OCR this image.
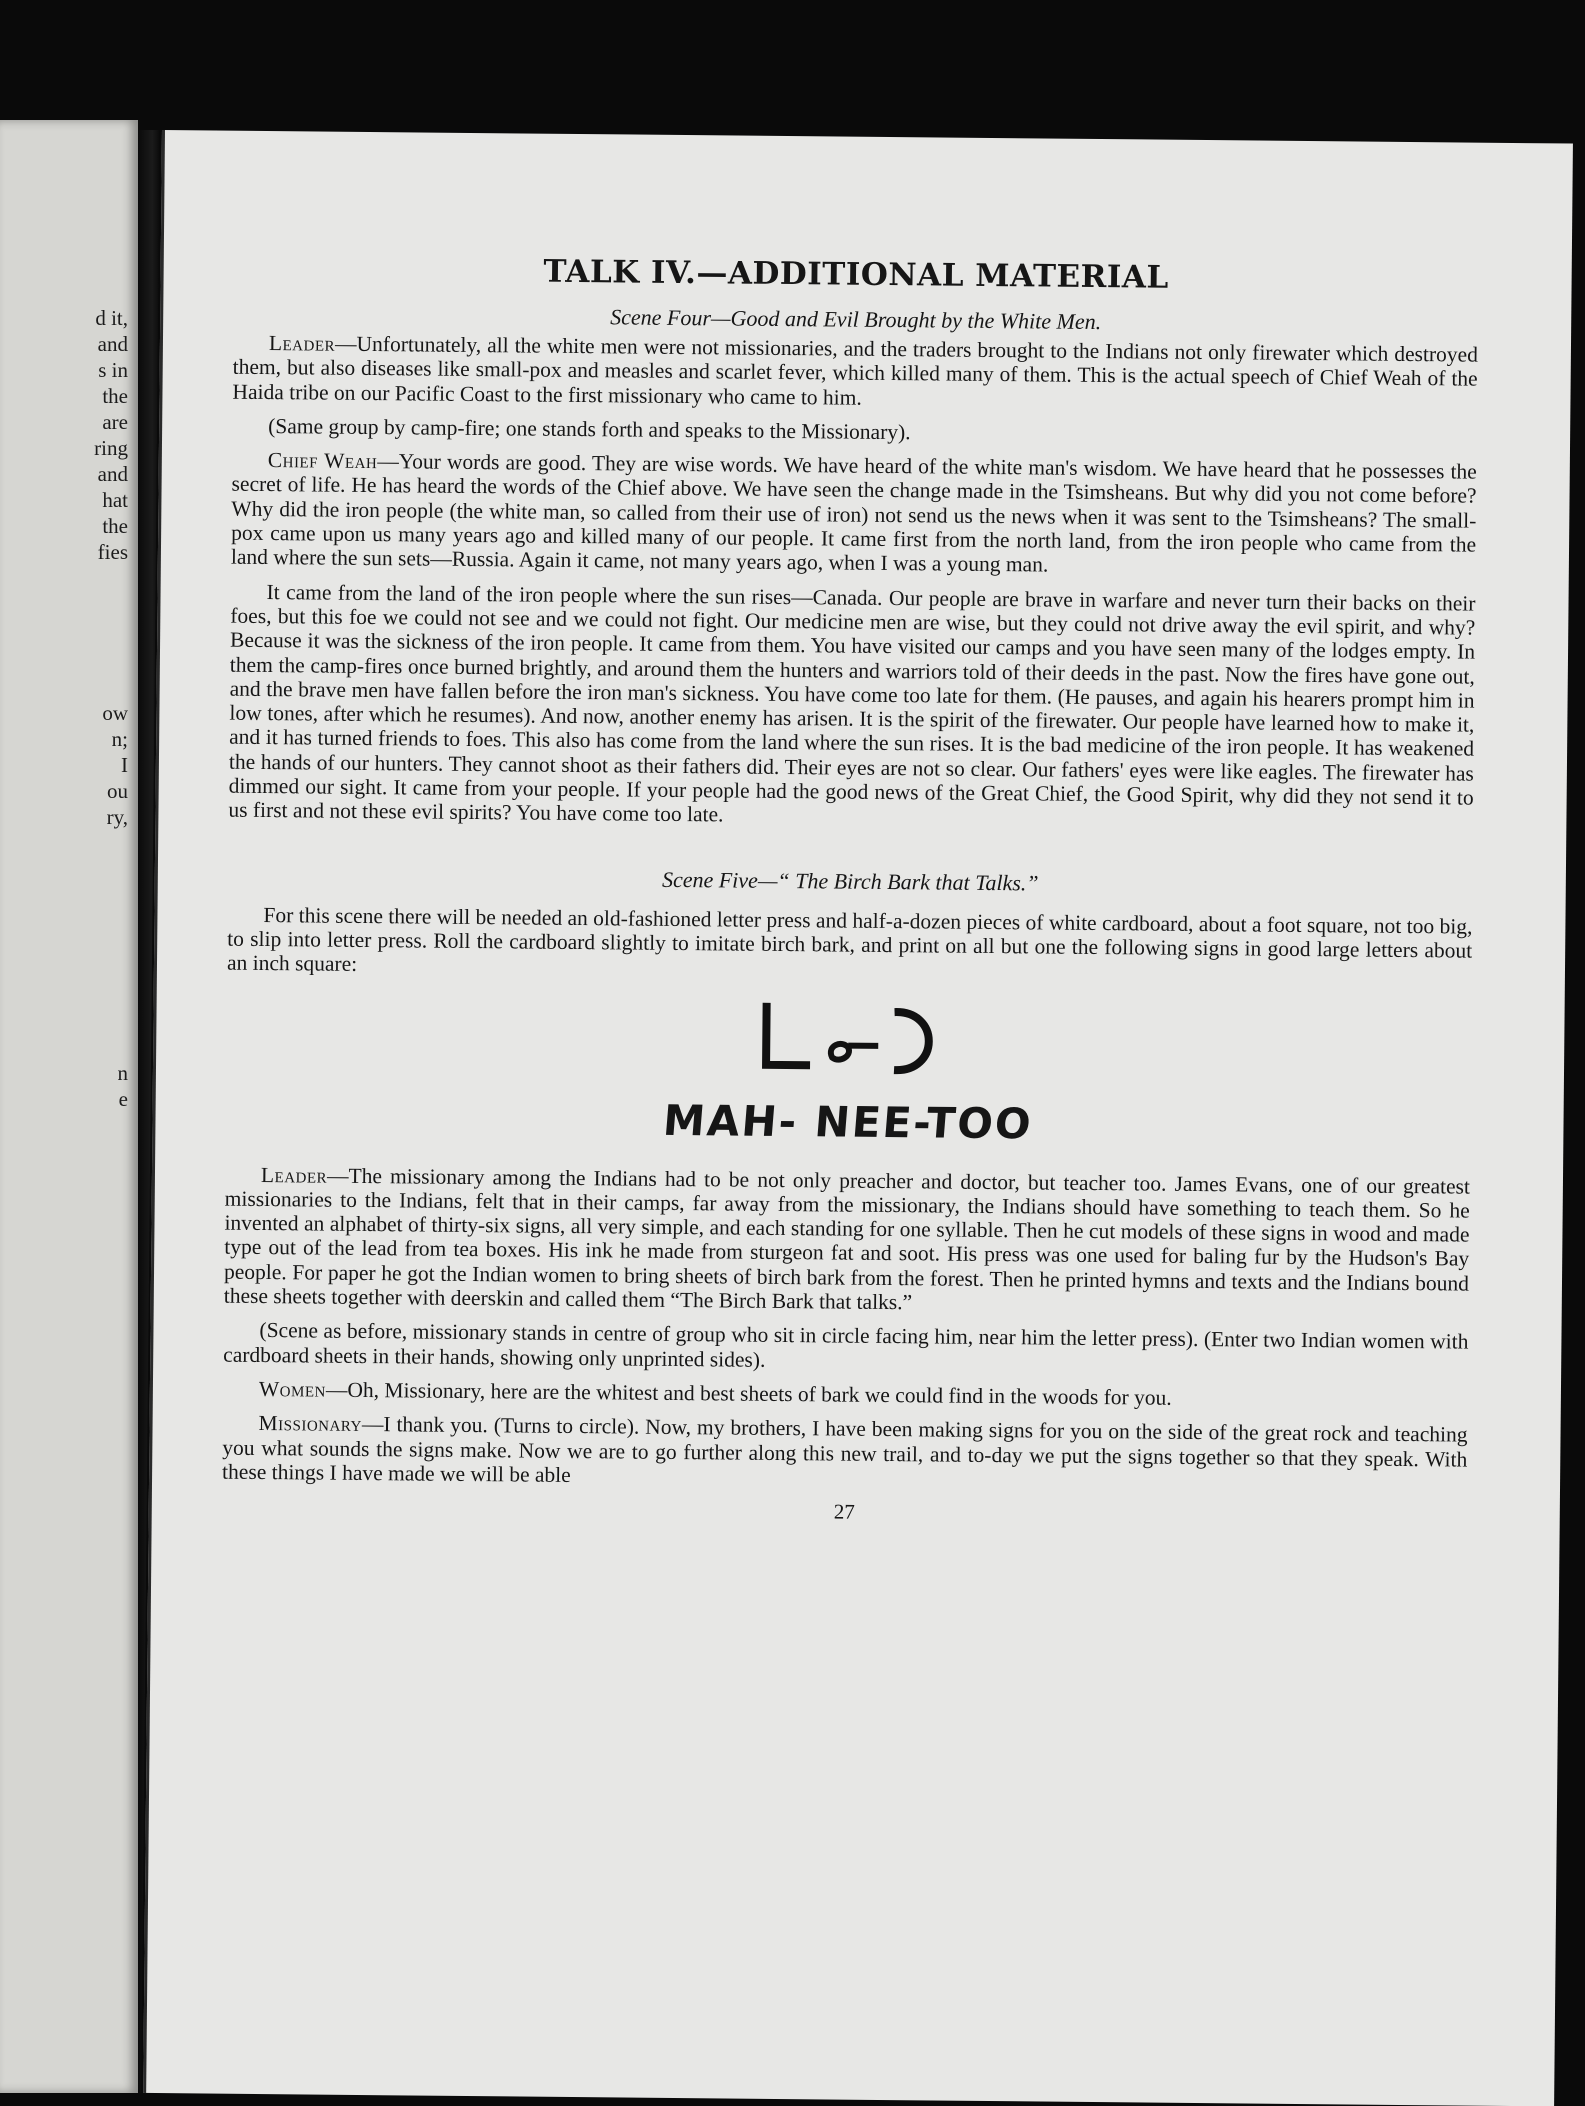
d it,
and
s in
the
are
ring
and
hat
the
fies
ow
n;
I
ou
ry,
n
e
TALK IV.—ADDITIONAL MATERIAL
Scene Four—Good and Evil Brought by the White Men.

Leader—Unfortunately, all the white men were not missionaries, and the traders brought to the Indians not only firewater which destroyed them, but also diseases like small-pox and measles and scarlet fever, which killed many of them. This is the actual speech of Chief Weah of the Haida tribe on our Pacific Coast to the first missionary who came to him.

(Same group by camp-fire; one stands forth and speaks to the Missionary).

Chief Weah—Your words are good. They are wise words. We have heard of the white man's wisdom. We have heard that he possesses the secret of life. He has heard the words of the Chief above. We have seen the change made in the Tsimsheans. But why did you not come before? Why did the iron people (the white man, so called from their use of iron) not send us the news when it was sent to the Tsimsheans? The small-pox came upon us many years ago and killed many of our people. It came first from the north land, from the iron people who came from the land where the sun sets—Russia. Again it came, not many years ago, when I was a young man.

It came from the land of the iron people where the sun rises—Canada. Our people are brave in warfare and never turn their backs on their foes, but this foe we could not see and we could not fight. Our medicine men are wise, but they could not drive away the evil spirit, and why? Because it was the sickness of the iron people. It came from them. You have visited our camps and you have seen many of the lodges empty. In them the camp-fires once burned brightly, and around them the hunters and warriors told of their deeds in the past. Now the fires have gone out, and the brave men have fallen before the iron man's sickness. You have come too late for them. (He pauses, and again his hearers prompt him in low tones, after which he resumes). And now, another enemy has arisen. It is the spirit of the firewater. Our people have learned how to make it, and it has turned friends to foes. This also has come from the land where the sun rises. It is the bad medicine of the iron people. It has weakened the hands of our hunters. They cannot shoot as their fathers did. Their eyes are not so clear. Our fathers' eyes were like eagles. The firewater has dimmed our sight. It came from your people. If your people had the good news of the Great Chief, the Good Spirit, why did they not send it to us first and not these evil spirits? You have come too late.

Scene Five—“ The Birch Bark that Talks.”

For this scene there will be needed an old-fashioned letter press and half-a-dozen pieces of white cardboard, about a foot square, not too big, to slip into letter press. Roll the cardboard slightly to imitate birch bark, and print on all but one the following signs in good large letters about an inch square:

MAH- NEE-TOO

Leader—The missionary among the Indians had to be not only preacher and doctor, but teacher too. James Evans, one of our greatest missionaries to the Indians, felt that in their camps, far away from the missionary, the Indians should have something to teach them. So he invented an alphabet of thirty-six signs, all very simple, and each standing for one syllable. Then he cut models of these signs in wood and made type out of the lead from tea boxes. His ink he made from sturgeon fat and soot. His press was one used for baling fur by the Hudson's Bay people. For paper he got the Indian women to bring sheets of birch bark from the forest. Then he printed hymns and texts and the Indians bound these sheets together with deerskin and called them “The Birch Bark that talks.”

(Scene as before, missionary stands in centre of group who sit in circle facing him, near him the letter press). (Enter two Indian women with cardboard sheets in their hands, showing only unprinted sides).

Women—Oh, Missionary, here are the whitest and best sheets of bark we could find in the woods for you.

Missionary—I thank you. (Turns to circle). Now, my brothers, I have been making signs for you on the side of the great rock and teaching you what sounds the signs make. Now we are to go further along this new trail, and to-day we put the signs together so that they speak. With these things I have made we will be able

27
